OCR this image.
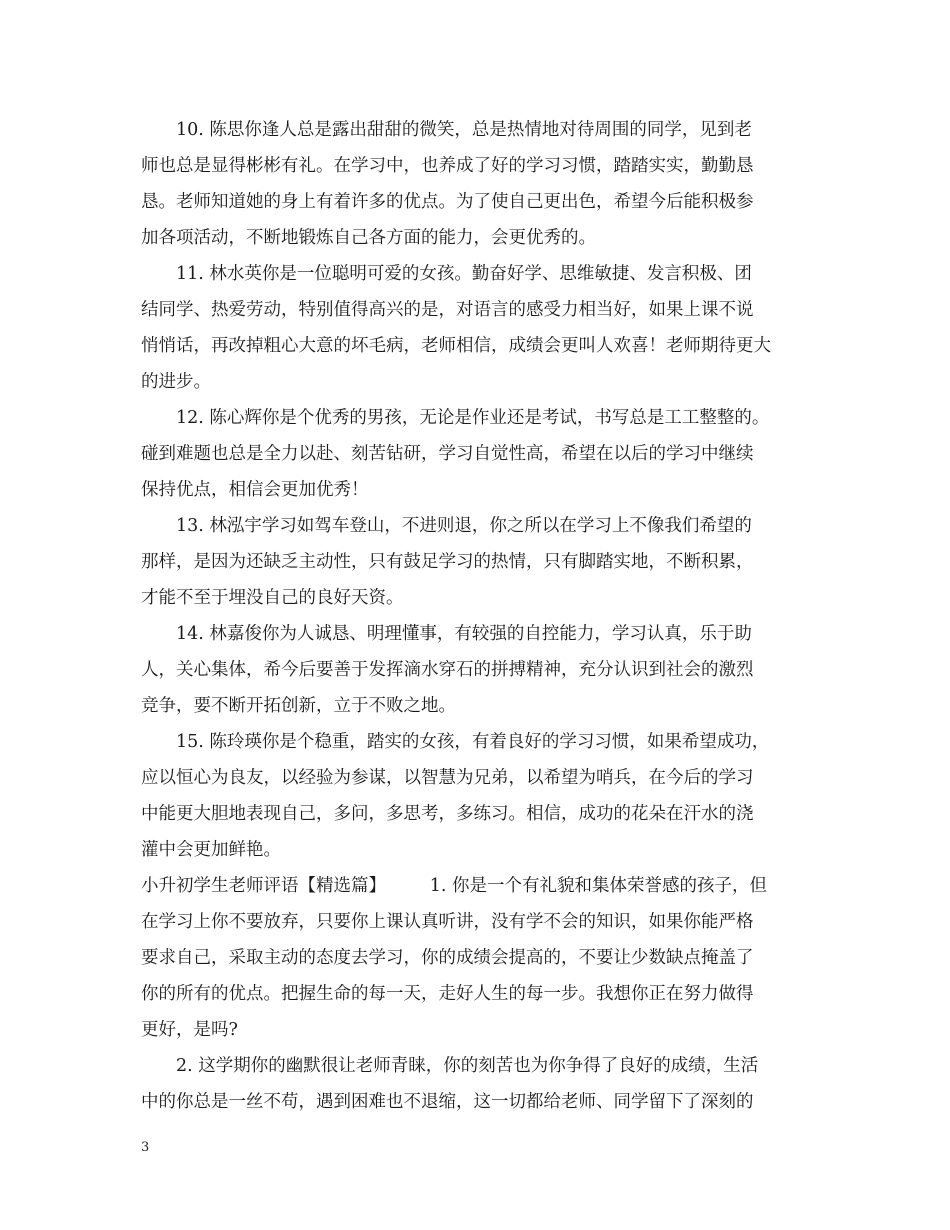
10. 陈思你逢人总是露出甜甜的微笑，总是热情地对待周围的同学，见到老
师也总是显得彬彬有礼。在学习中，也养成了好的学习习惯，踏踏实实，勤勤恳
恳。老师知道她的身上有着许多的优点。为了使自己更出色，希望今后能积极参
加各项活动，不断地锻炼自己各方面的能力，会更优秀的。
11. 林水英你是一位聪明可爱的女孩。勤奋好学、思维敏捷、发言积极、团
结同学、热爱劳动，特别值得高兴的是，对语言的感受力相当好，如果上课不说
悄悄话，再改掉粗心大意的坏毛病，老师相信，成绩会更叫人欢喜！老师期待更大
的进步。
12. 陈心辉你是个优秀的男孩，无论是作业还是考试，书写总是工工整整的。
碰到难题也总是全力以赴、刻苦钻研，学习自觉性高，希望在以后的学习中继续
保持优点，相信会更加优秀！
13. 林泓宇学习如驾车登山，不进则退，你之所以在学习上不像我们希望的
那样，是因为还缺乏主动性，只有鼓足学习的热情，只有脚踏实地，不断积累，
才能不至于埋没自己的良好天资。
14. 林嘉俊你为人诚恳、明理懂事，有较强的自控能力，学习认真，乐于助
人，关心集体，希今后要善于发挥滴水穿石的拼搏精神，充分认识到社会的激烈
竞争，要不断开拓创新，立于不败之地。
15. 陈玲瑛你是个稳重，踏实的女孩，有着良好的学习习惯，如果希望成功，
应以恒心为良友，以经验为参谋，以智慧为兄弟，以希望为哨兵，在今后的学习
中能更大胆地表现自己，多问，多思考，多练习。相信，成功的花朵在汗水的浇
灌中会更加鲜艳。
小升初学生老师评语【精选篇】　　　1. 你是一个有礼貌和集体荣誉感的孩子，但
在学习上你不要放弃，只要你上课认真听讲，没有学不会的知识，如果你能严格
要求自己，采取主动的态度去学习，你的成绩会提高的，不要让少数缺点掩盖了
你的所有的优点。把握生命的每一天，走好人生的每一步。我想你正在努力做得
更好，是吗?
2. 这学期你的幽默很让老师青睐，你的刻苦也为你争得了良好的成绩，生活
中的你总是一丝不苟，遇到困难也不退缩，这一切都给老师、同学留下了深刻的
3
